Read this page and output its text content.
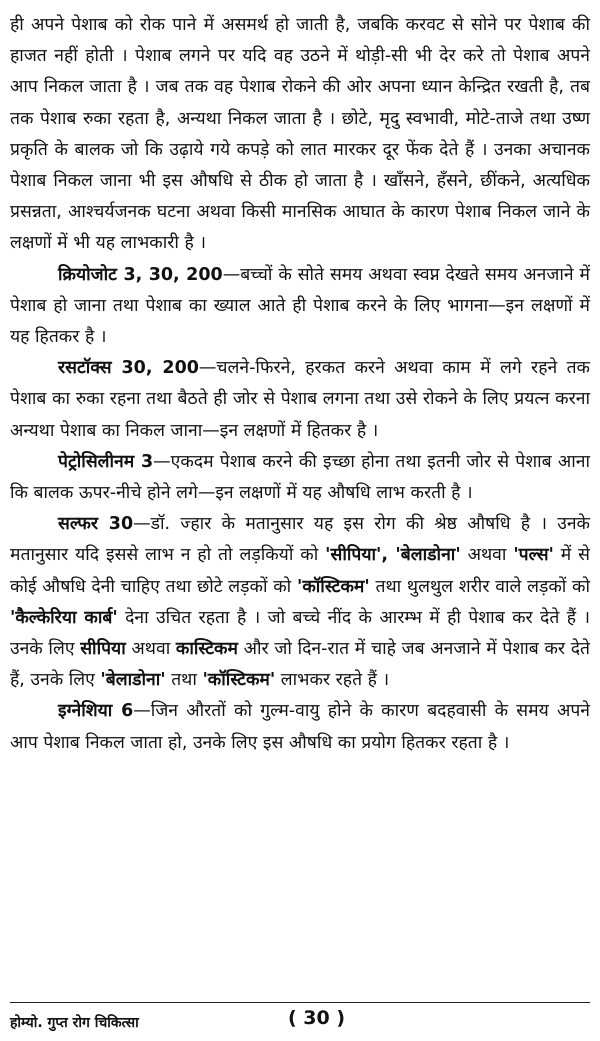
ही अपने पेशाब को रोक पाने में असमर्थ हो जाती है, जबकि करवट से सोने पर पेशाब की हाजत नहीं होती । पेशाब लगने पर यदि वह उठने में थोड़ी-सी भी देर करे तो पेशाब अपने आप निकल जाता है । जब तक वह पेशाब रोकने की ओर अपना ध्यान केन्द्रित रखती है, तब तक पेशाब रुका रहता है, अन्यथा निकल जाता है । छोटे, मृदु स्वभावी, मोटे-ताजे तथा उष्ण प्रकृति के बालक जो कि उढ़ाये गये कपड़े को लात मारकर दूर फेंक देते हैं । उनका अचानक पेशाब निकल जाना भी इस औषधि से ठीक हो जाता है । खाँसने, हँसने, छींकने, अत्यधिक प्रसन्नता, आश्चर्यजनक घटना अथवा किसी मानसिक आघात के कारण पेशाब निकल जाने के लक्षणों में भी यह लाभकारी है ।

क्रियोजोट 3, 30, 200—बच्चों के सोते समय अथवा स्वप्न देखते समय अनजाने में पेशाब हो जाना तथा पेशाब का ख्याल आते ही पेशाब करने के लिए भागना—इन लक्षणों में यह हितकर है ।

रसटॉक्स 30, 200—चलने-फिरने, हरकत करने अथवा काम में लगे रहने तक पेशाब का रुका रहना तथा बैठते ही जोर से पेशाब लगना तथा उसे रोकने के लिए प्रयत्न करना अन्यथा पेशाब का निकल जाना—इन लक्षणों में हितकर है ।

पेट्रोसिलीनम 3—एकदम पेशाब करने की इच्छा होना तथा इतनी जोर से पेशाब आना कि बालक ऊपर-नीचे होने लगे—इन लक्षणों में यह औषधि लाभ करती है ।

सल्फर 30—डॉ. ज्हार के मतानुसार यह इस रोग की श्रेष्ठ औषधि है । उनके मतानुसार यदि इससे लाभ न हो तो लड़कियों को 'सीपिया', 'बेलाडोना' अथवा 'पल्स' में से कोई औषधि देनी चाहिए तथा छोटे लड़कों को 'कॉस्टिकम' तथा थुलथुल शरीर वाले लड़कों को 'कैल्केरिया कार्ब' देना उचित रहता है । जो बच्चे नींद के आरम्भ में ही पेशाब कर देते हैं । उनके लिए सीपिया अथवा कास्टिकम और जो दिन-रात में चाहे जब अनजाने में पेशाब कर देते हैं, उनके लिए 'बेलाडोना' तथा 'कॉस्टिकम' लाभकर रहते हैं ।

इग्नेशिया 6—जिन औरतों को गुल्म-वायु होने के कारण बदहवासी के समय अपने आप पेशाब निकल जाता हो, उनके लिए इस औषधि का प्रयोग हितकर रहता है ।

होम्यो. गुप्त रोग चिकित्सा	( 30 )
